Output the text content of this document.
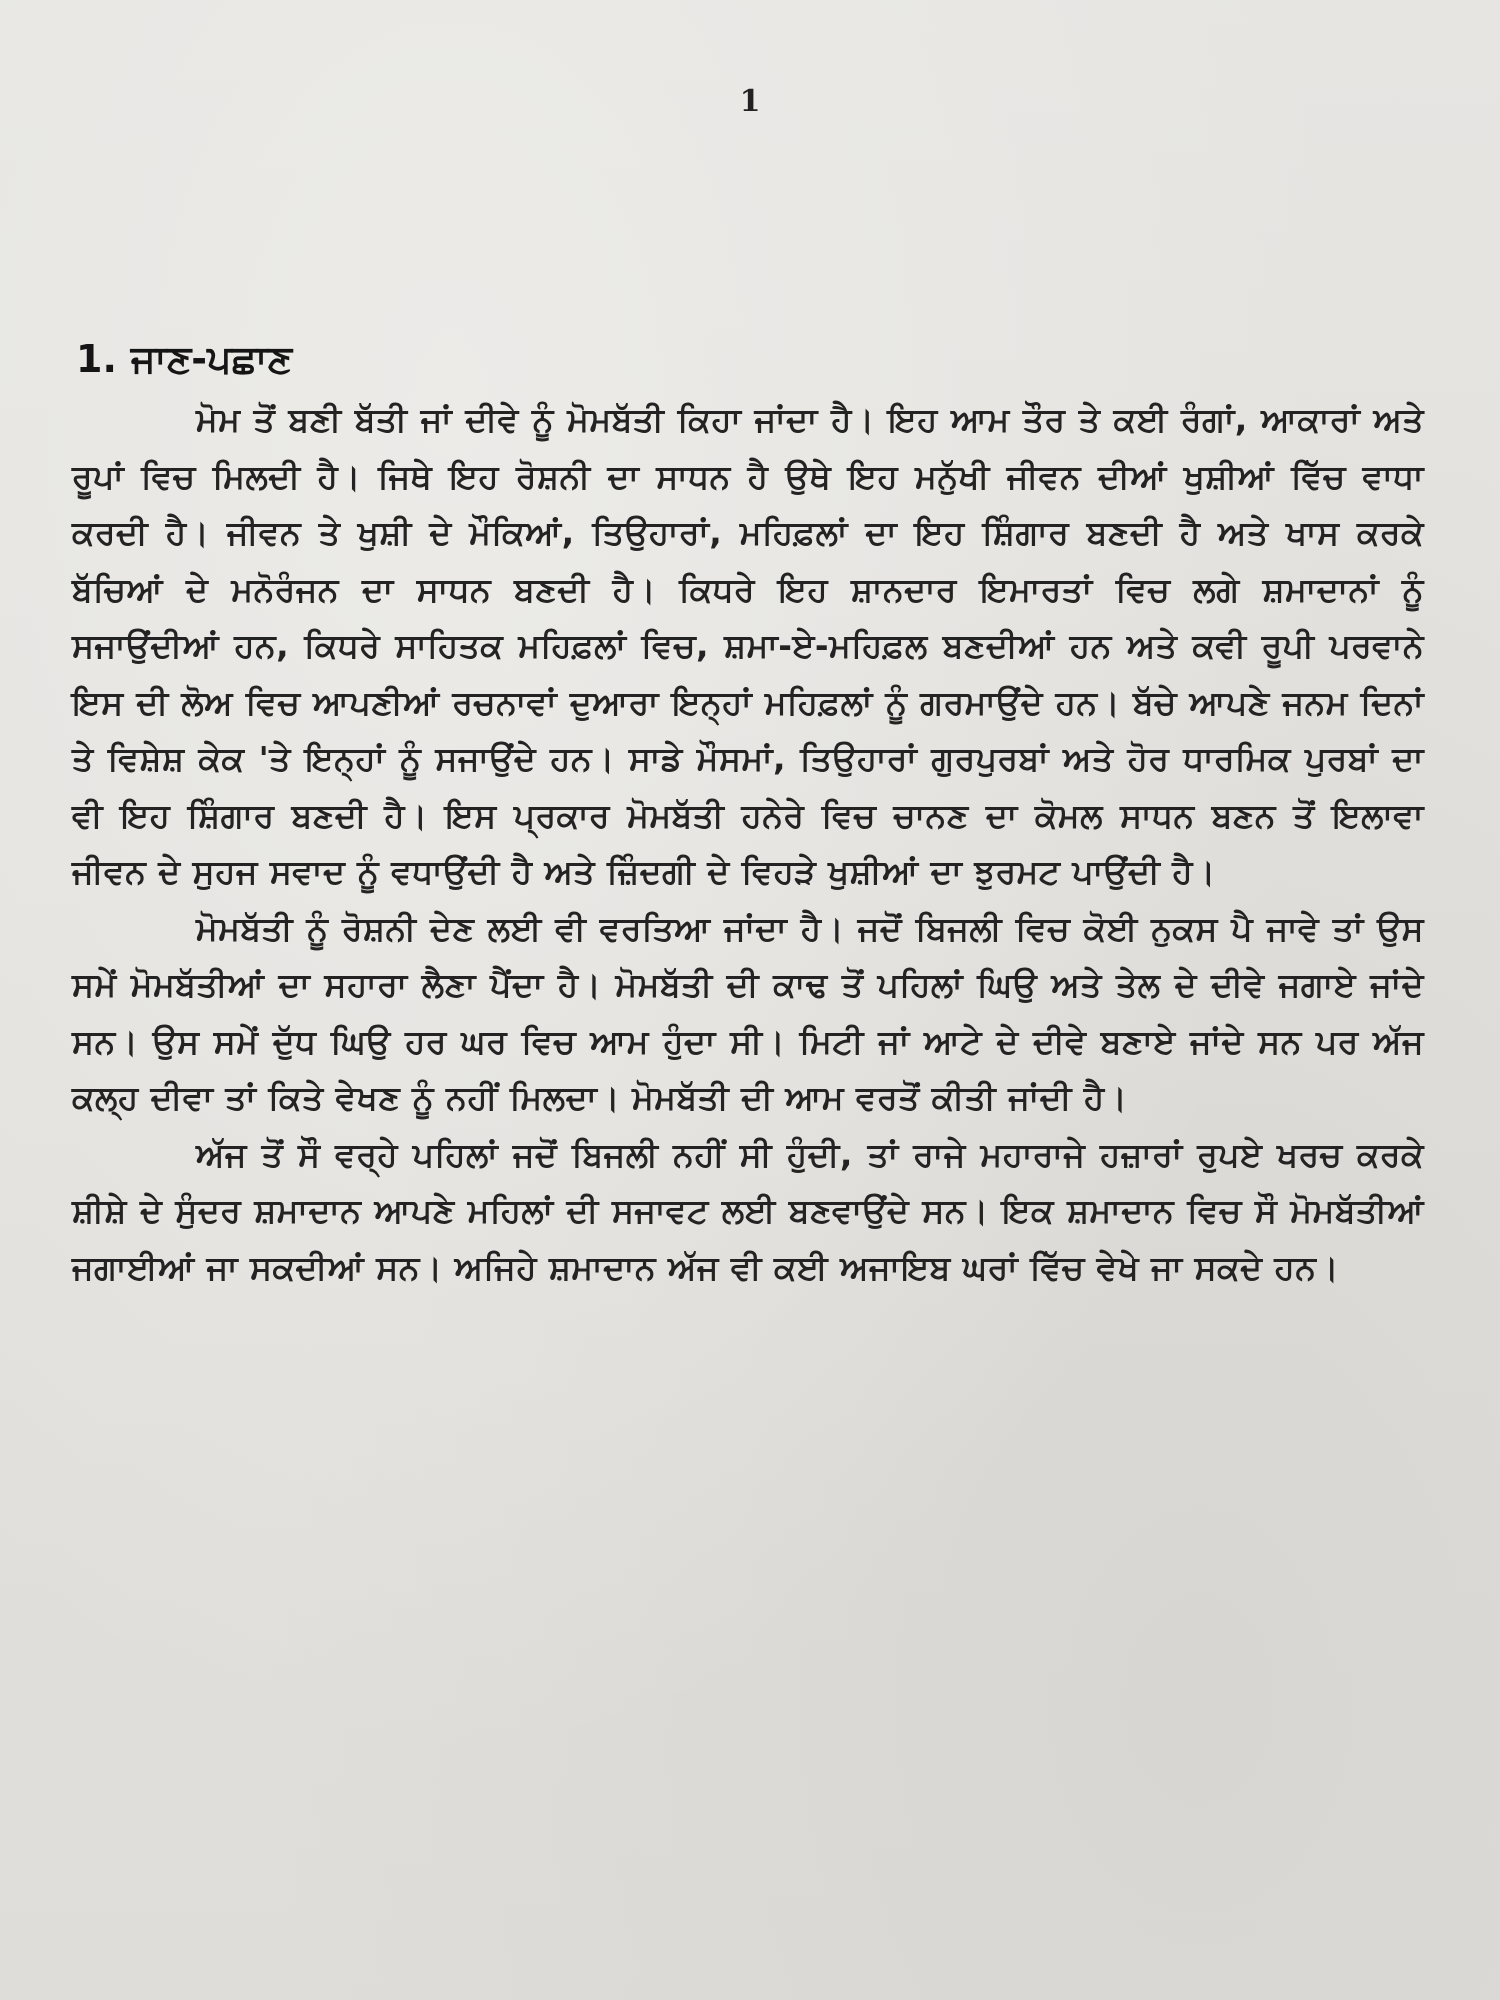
1
1. ਜਾਣ-ਪਛਾਣ

ਮੋਮ ਤੋਂ ਬਣੀ ਬੱਤੀ ਜਾਂ ਦੀਵੇ ਨੂੰ ਮੋਮਬੱਤੀ ਕਿਹਾ ਜਾਂਦਾ ਹੈ। ਇਹ ਆਮ ਤੌਰ ਤੇ ਕਈ ਰੰਗਾਂ, ਆਕਾਰਾਂ ਅਤੇ ਰੂਪਾਂ ਵਿਚ ਮਿਲਦੀ ਹੈ। ਜਿਥੇ ਇਹ ਰੋਸ਼ਨੀ ਦਾ ਸਾਧਨ ਹੈ ਉਥੇ ਇਹ ਮਨੁੱਖੀ ਜੀਵਨ ਦੀਆਂ ਖੁਸ਼ੀਆਂ ਵਿੱਚ ਵਾਧਾ ਕਰਦੀ ਹੈ। ਜੀਵਨ ਤੇ ਖੁਸ਼ੀ ਦੇ ਮੌਕਿਆਂ, ਤਿਉਹਾਰਾਂ, ਮਹਿਫ਼ਲਾਂ ਦਾ ਇਹ ਸ਼ਿੰਗਾਰ ਬਣਦੀ ਹੈ ਅਤੇ ਖਾਸ ਕਰਕੇ ਬੱਚਿਆਂ ਦੇ ਮਨੋਰੰਜਨ ਦਾ ਸਾਧਨ ਬਣਦੀ ਹੈ। ਕਿਧਰੇ ਇਹ ਸ਼ਾਨਦਾਰ ਇਮਾਰਤਾਂ ਵਿਚ ਲਗੇ ਸ਼ਮਾਦਾਨਾਂ ਨੂੰ ਸਜਾਉਂਦੀਆਂ ਹਨ, ਕਿਧਰੇ ਸਾਹਿਤਕ ਮਹਿਫ਼ਲਾਂ ਵਿਚ, ਸ਼ਮਾ-ਏ-ਮਹਿਫ਼ਲ ਬਣਦੀਆਂ ਹਨ ਅਤੇ ਕਵੀ ਰੂਪੀ ਪਰਵਾਨੇ ਇਸ ਦੀ ਲੋਅ ਵਿਚ ਆਪਣੀਆਂ ਰਚਨਾਵਾਂ ਦੁਆਰਾ ਇਨ੍ਹਾਂ ਮਹਿਫ਼ਲਾਂ ਨੂੰ ਗਰਮਾਉਂਦੇ ਹਨ। ਬੱਚੇ ਆਪਣੇ ਜਨਮ ਦਿਨਾਂ ਤੇ ਵਿਸ਼ੇਸ਼ ਕੇਕ 'ਤੇ ਇਨ੍ਹਾਂ ਨੂੰ ਸਜਾਉਂਦੇ ਹਨ। ਸਾਡੇ ਮੌਸਮਾਂ, ਤਿਉਹਾਰਾਂ ਗੁਰਪੁਰਬਾਂ ਅਤੇ ਹੋਰ ਧਾਰਮਿਕ ਪੁਰਬਾਂ ਦਾ ਵੀ ਇਹ ਸ਼ਿੰਗਾਰ ਬਣਦੀ ਹੈ। ਇਸ ਪ੍ਰਕਾਰ ਮੋਮਬੱਤੀ ਹਨੇਰੇ ਵਿਚ ਚਾਨਣ ਦਾ ਕੋਮਲ ਸਾਧਨ ਬਣਨ ਤੋਂ ਇਲਾਵਾ ਜੀਵਨ ਦੇ ਸੁਹਜ ਸਵਾਦ ਨੂੰ ਵਧਾਉਂਦੀ ਹੈ ਅਤੇ ਜ਼ਿੰਦਗੀ ਦੇ ਵਿਹੜੇ ਖੁਸ਼ੀਆਂ ਦਾ ਝੁਰਮਟ ਪਾਉਂਦੀ ਹੈ।

ਮੋਮਬੱਤੀ ਨੂੰ ਰੋਸ਼ਨੀ ਦੇਣ ਲਈ ਵੀ ਵਰਤਿਆ ਜਾਂਦਾ ਹੈ। ਜਦੋਂ ਬਿਜਲੀ ਵਿਚ ਕੋਈ ਨੁਕਸ ਪੈ ਜਾਵੇ ਤਾਂ ਉਸ ਸਮੇਂ ਮੋਮਬੱਤੀਆਂ ਦਾ ਸਹਾਰਾ ਲੈਣਾ ਪੈਂਦਾ ਹੈ। ਮੋਮਬੱਤੀ ਦੀ ਕਾਢ ਤੋਂ ਪਹਿਲਾਂ ਘਿਉ ਅਤੇ ਤੇਲ ਦੇ ਦੀਵੇ ਜਗਾਏ ਜਾਂਦੇ ਸਨ। ਉਸ ਸਮੇਂ ਦੁੱਧ ਘਿਉ ਹਰ ਘਰ ਵਿਚ ਆਮ ਹੁੰਦਾ ਸੀ। ਮਿਟੀ ਜਾਂ ਆਟੇ ਦੇ ਦੀਵੇ ਬਣਾਏ ਜਾਂਦੇ ਸਨ ਪਰ ਅੱਜ ਕਲ੍ਹ ਦੀਵਾ ਤਾਂ ਕਿਤੇ ਵੇਖਣ ਨੂੰ ਨਹੀਂ ਮਿਲਦਾ। ਮੋਮਬੱਤੀ ਦੀ ਆਮ ਵਰਤੋਂ ਕੀਤੀ ਜਾਂਦੀ ਹੈ।

ਅੱਜ ਤੋਂ ਸੌ ਵਰ੍ਹੇ ਪਹਿਲਾਂ ਜਦੋਂ ਬਿਜਲੀ ਨਹੀਂ ਸੀ ਹੁੰਦੀ, ਤਾਂ ਰਾਜੇ ਮਹਾਰਾਜੇ ਹਜ਼ਾਰਾਂ ਰੁਪਏ ਖਰਚ ਕਰਕੇ ਸ਼ੀਸ਼ੇ ਦੇ ਸੁੰਦਰ ਸ਼ਮਾਦਾਨ ਆਪਣੇ ਮਹਿਲਾਂ ਦੀ ਸਜਾਵਟ ਲਈ ਬਣਵਾਉਂਦੇ ਸਨ। ਇਕ ਸ਼ਮਾਦਾਨ ਵਿਚ ਸੌ ਮੋਮਬੱਤੀਆਂ ਜਗਾਈਆਂ ਜਾ ਸਕਦੀਆਂ ਸਨ। ਅਜਿਹੇ ਸ਼ਮਾਦਾਨ ਅੱਜ ਵੀ ਕਈ ਅਜਾਇਬ ਘਰਾਂ ਵਿੱਚ ਵੇਖੇ ਜਾ ਸਕਦੇ ਹਨ।
